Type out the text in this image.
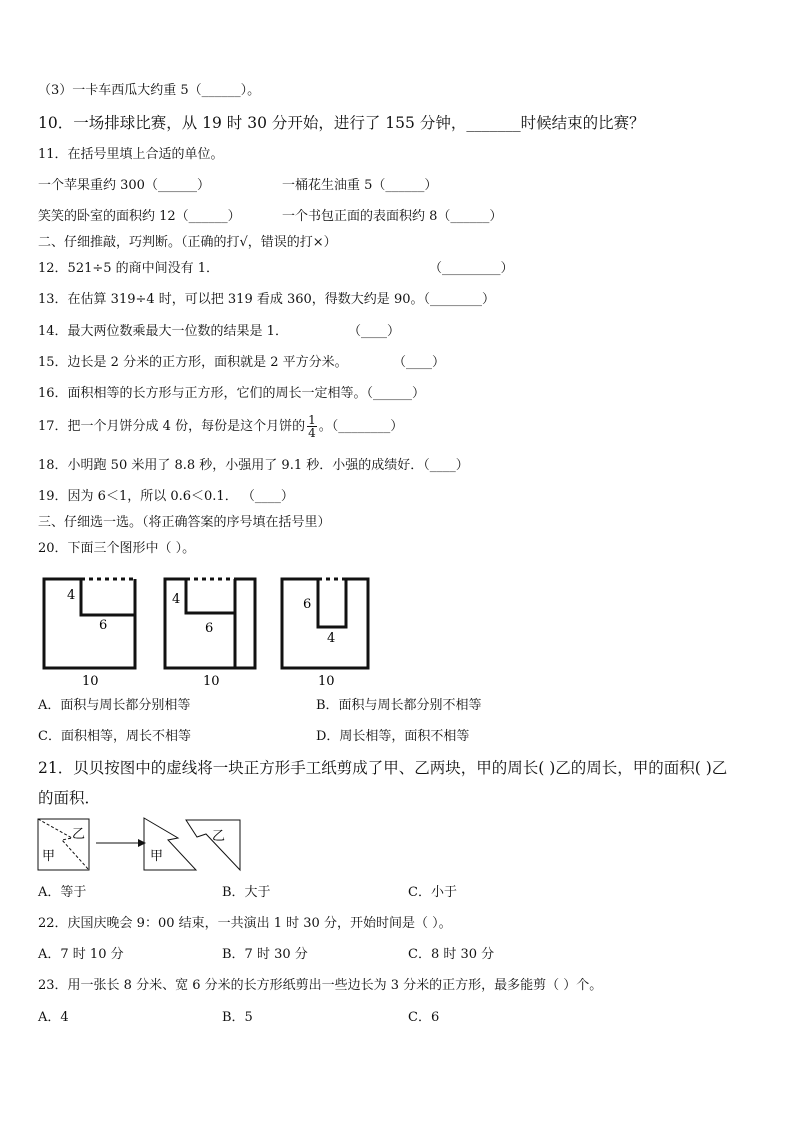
（3）一卡车西瓜大约重 5（______）。
10．一场排球比赛，从 19 时 30 分开始，进行了 155 分钟，_______时候结束的比赛？
11．在括号里填上合适的单位。
一个苹果重约 300（______）	一桶花生油重 5（______）
笑笑的卧室的面积约 12（______）	一个书包正面的表面积约 8（______）
二、仔细推敲，巧判断。（正确的打√，错误的打×）
12．521÷5 的商中间没有 1．	（_________）
13．在估算 319÷4 时，可以把 319 看成 360，得数大约是 90。（________）
14．最大两位数乘最大一位数的结果是 1．	（____）
15．边长是 2 分米的正方形，面积就是 2 平方分米。	（____）
16．面积相等的长方形与正方形，它们的周长一定相等。（______）
17．把一个月饼分成 4 份，每份是这个月饼的 $\frac{1}{4}$ 。（________）
18．小明跑 50 米用了 8.8 秒，小强用了 9.1 秒．小强的成绩好．（____）
19．因为 6＜1，所以 0.6＜0.1． （____）
三、仔细选一选。（将正确答案的序号填在括号里）
20．下面三个图形中（ ）。
4
6
10
4
6
10
6
4
10
A．面积与周长都分别相等	B．面积与周长都分别不相等
C．面积相等，周长不相等	D．周长相等，面积不相等
21．贝贝按图中的虚线将一块正方形手工纸剪成了甲、乙两块，甲的周长( )乙的周长，甲的面积( )乙
的面积．
甲
乙
甲
乙
A．等于	B．大于	C．小于
22．庆国庆晚会 9：00 结束，一共演出 1 时 30 分，开始时间是（ ）。
A．7 时 10 分	B．7 时 30 分	C．8 时 30 分
23．用一张长 8 分米、宽 6 分米的长方形纸剪出一些边长为 3 分米的正方形，最多能剪（ ）个。
A．4	B．5	C．6
